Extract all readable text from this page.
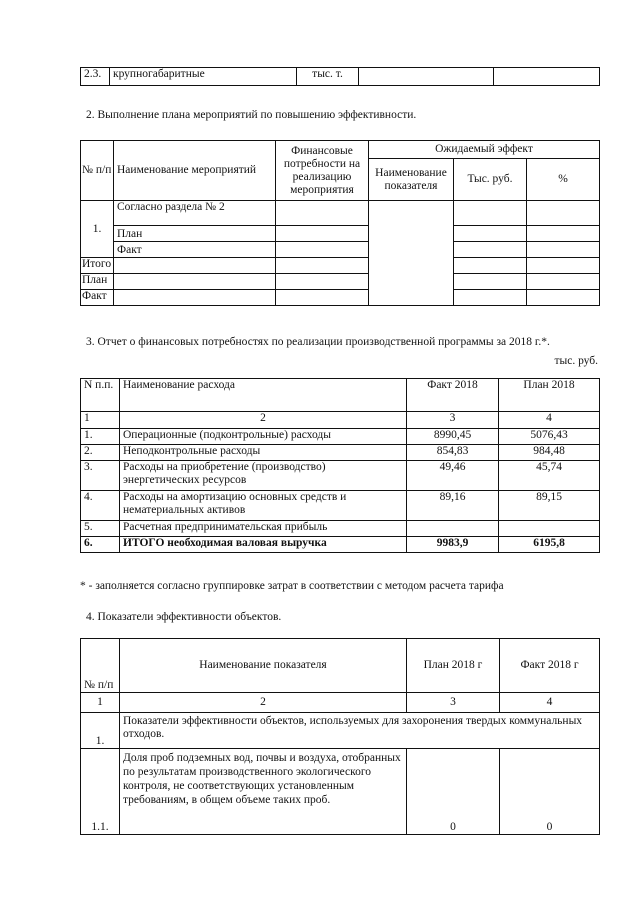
2.3.	крупногабаритные	тыс. т.		
2. Выполнение плана мероприятий по повышению эффективности.
№ п/п	Наименование мероприятий	Финансовые потребности на реализацию мероприятия	Ожидаемый эффект		
			Наименование показателя	Тыс. руб.	%
1.	Согласно раздела № 2				
	План				
	Факт				
Итого					
План					
Факт					
3. Отчет о финансовых потребностях по реализации производственной программы за 2018 г.*.
тыс. руб.
N п.п.	Наименование расхода	Факт 2018	План 2018
1	2	3	4
1.	Операционные (подконтрольные) расходы	8990,45	5076,43
2.	Неподконтрольные расходы	854,83	984,48
3.	Расходы на приобретение (производство) энергетических ресурсов	49,46	45,74
4.	Расходы на амортизацию основных средств и нематериальных активов	89,16	89,15
5.	Расчетная предпринимательская прибыль		
6.	ИТОГО необходимая валовая выручка	9983,9	6195,8
* - заполняется согласно группировке затрат в соответствии с методом расчета тарифа
4. Показатели эффективности объектов.
№ п/п	Наименование показателя	План 2018 г	Факт 2018 г
1	2	3	4
1.	Показатели эффективности объектов, используемых для захоронения твердых коммунальных отходов.		
1.1.	Доля проб подземных вод, почвы и воздуха, отобранных по результатам производственного экологического контроля, не соответствующих установленным требованиям, в общем объеме таких проб.	0	0
